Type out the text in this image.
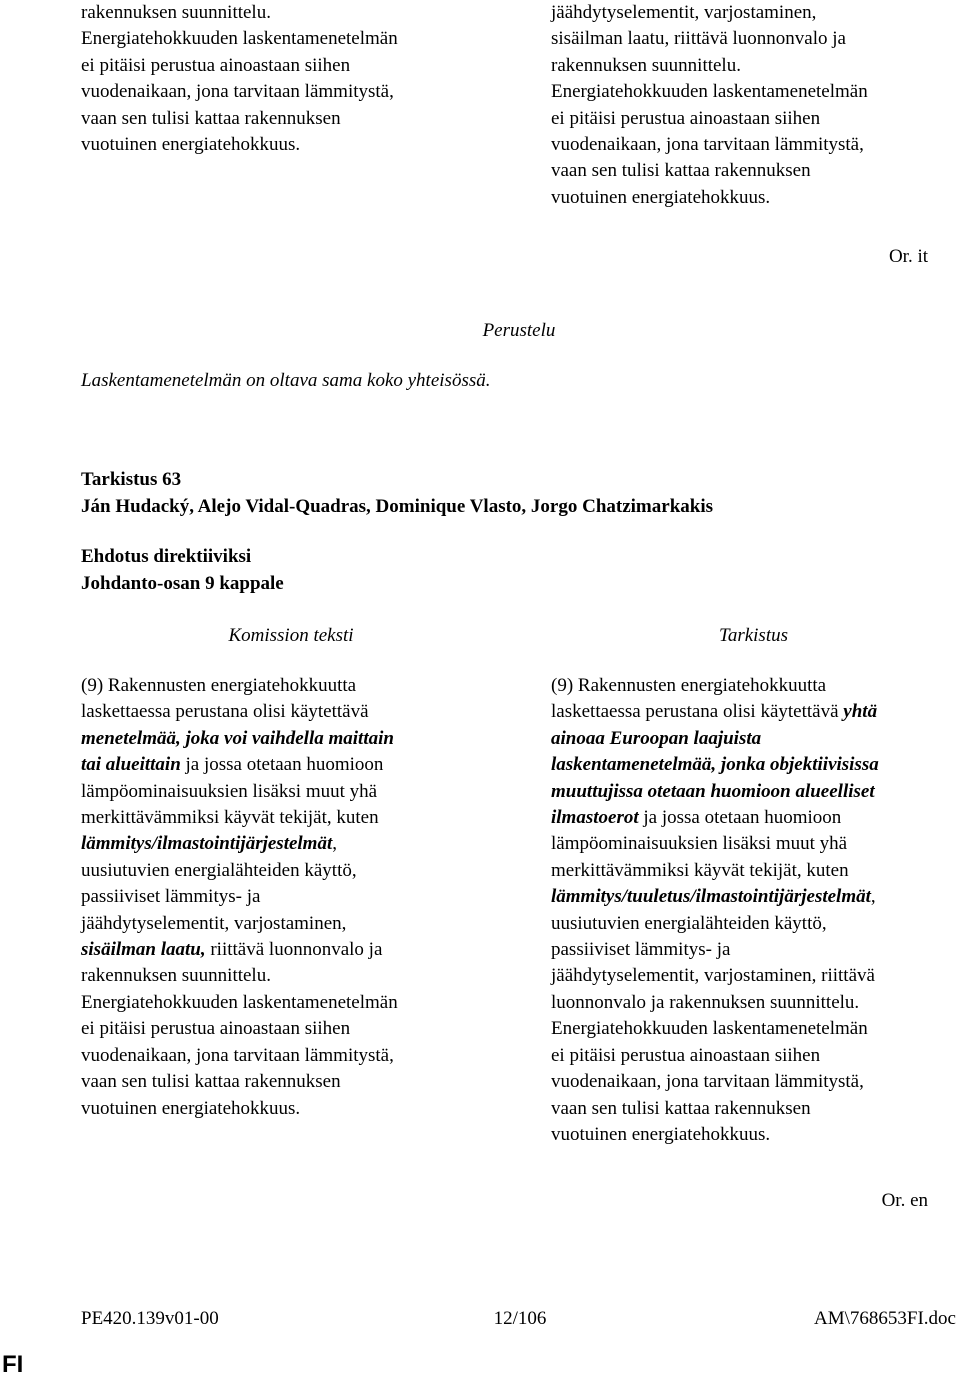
rakennuksen suunnittelu.
Energiatehokkuuden laskentamenetelmän
ei pitäisi perustua ainoastaan siihen
vuodenaikaan, jona tarvitaan lämmitystä,
vaan sen tulisi kattaa rakennuksen
vuotuinen energiatehokkuus.
jäähdytyselementit, varjostaminen,
sisäilman laatu, riittävä luonnonvalo ja
rakennuksen suunnittelu.
Energiatehokkuuden laskentamenetelmän
ei pitäisi perustua ainoastaan siihen
vuodenaikaan, jona tarvitaan lämmitystä,
vaan sen tulisi kattaa rakennuksen
vuotuinen energiatehokkuus.
Or. it
Perustelu
Laskentamenetelmän on oltava sama koko yhteisössä.
Tarkistus 63
Ján Hudacký, Alejo Vidal-Quadras, Dominique Vlasto, Jorgo Chatzimarkakis
Ehdotus direktiiviksi
Johdanto-osan 9 kappale
Komission teksti	Tarkistus
(9) Rakennusten energiatehokkuutta
laskettaessa perustana olisi käytettävä
menetelmää, joka voi vaihdella maittain
tai alueittain ja jossa otetaan huomioon
lämpöominaisuuksien lisäksi muut yhä
merkittävämmiksi käyvät tekijät, kuten
lämmitys/ilmastointijärjestelmät,
uusiutuvien energialähteiden käyttö,
passiiviset lämmitys- ja
jäähdytyselementit, varjostaminen,
sisäilman laatu, riittävä luonnonvalo ja
rakennuksen suunnittelu.
Energiatehokkuuden laskentamenetelmän
ei pitäisi perustua ainoastaan siihen
vuodenaikaan, jona tarvitaan lämmitystä,
vaan sen tulisi kattaa rakennuksen
vuotuinen energiatehokkuus.
(9) Rakennusten energiatehokkuutta
laskettaessa perustana olisi käytettävä yhtä
ainoaa Euroopan laajuista
laskentamenetelmää, jonka objektiivisissa
muuttujissa otetaan huomioon alueelliset
ilmastoerot ja jossa otetaan huomioon
lämpöominaisuuksien lisäksi muut yhä
merkittävämmiksi käyvät tekijät, kuten
lämmitys/tuuletus/ilmastointijärjestelmät,
uusiutuvien energialähteiden käyttö,
passiiviset lämmitys- ja
jäähdytyselementit, varjostaminen, riittävä
luonnonvalo ja rakennuksen suunnittelu.
Energiatehokkuuden laskentamenetelmän
ei pitäisi perustua ainoastaan siihen
vuodenaikaan, jona tarvitaan lämmitystä,
vaan sen tulisi kattaa rakennuksen
vuotuinen energiatehokkuus.
Or. en
PE420.139v01-00	12/106	AM\768653FI.doc
FI
